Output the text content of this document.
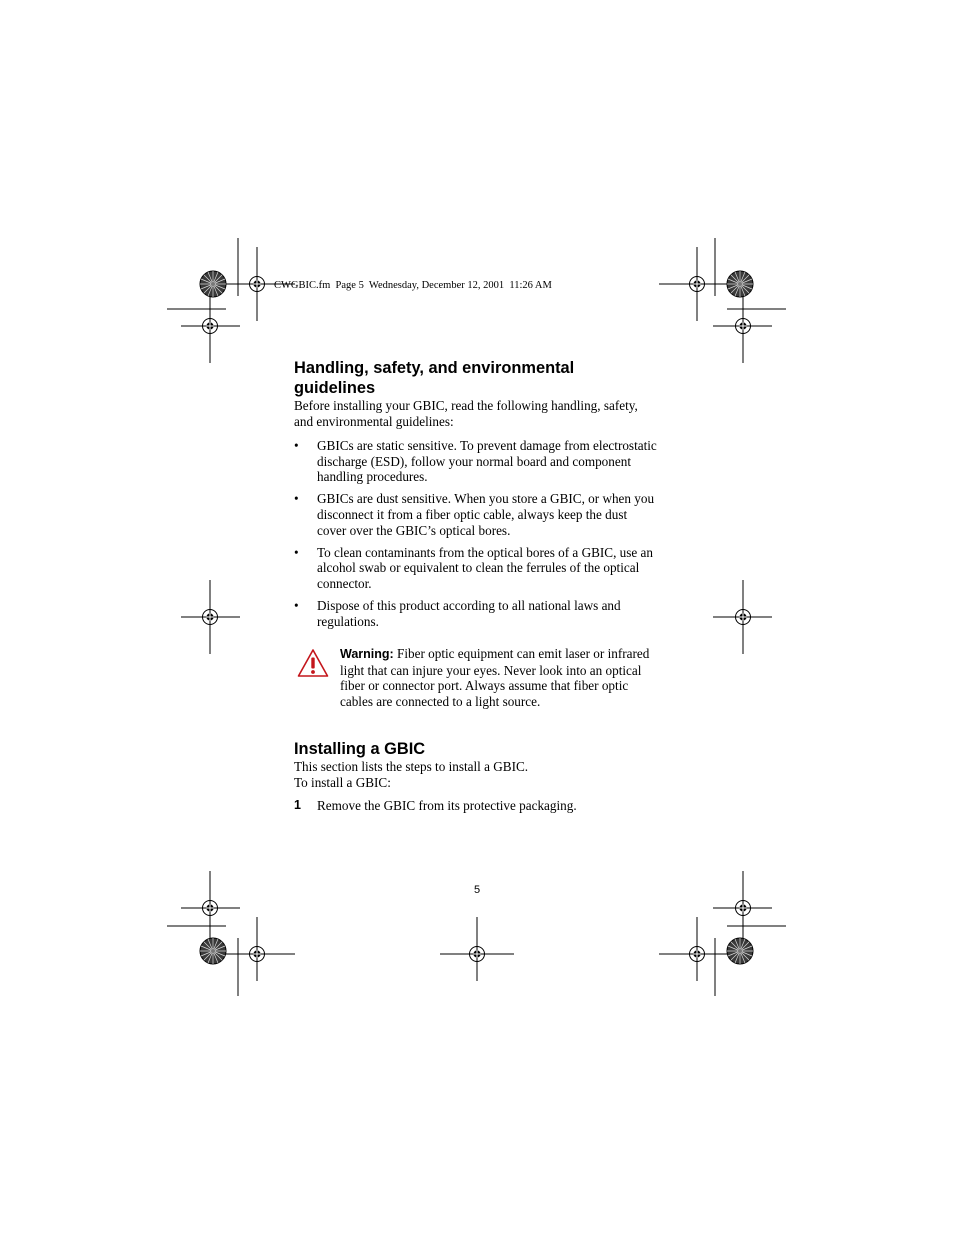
CWGBIC.fm  Page 5  Wednesday, December 12, 2001  11:26 AM
Handling, safety, and environmental guidelines

Before installing your GBIC, read the following handling, safety, and environmental guidelines:

• GBICs are static sensitive. To prevent damage from electrostatic discharge (ESD), follow your normal board and component handling procedures.
• GBICs are dust sensitive. When you store a GBIC, or when you disconnect it from a fiber optic cable, always keep the dust cover over the GBIC’s optical bores.
• To clean contaminants from the optical bores of a GBIC, use an alcohol swab or equivalent to clean the ferrules of the optical connector.
• Dispose of this product according to all national laws and regulations.

Warning: Fiber optic equipment can emit laser or infrared light that can injure your eyes. Never look into an optical fiber or connector port. Always assume that fiber optic cables are connected to a light source.

Installing a GBIC

This section lists the steps to install a GBIC.

To install a GBIC:

1 Remove the GBIC from its protective packaging.
5
